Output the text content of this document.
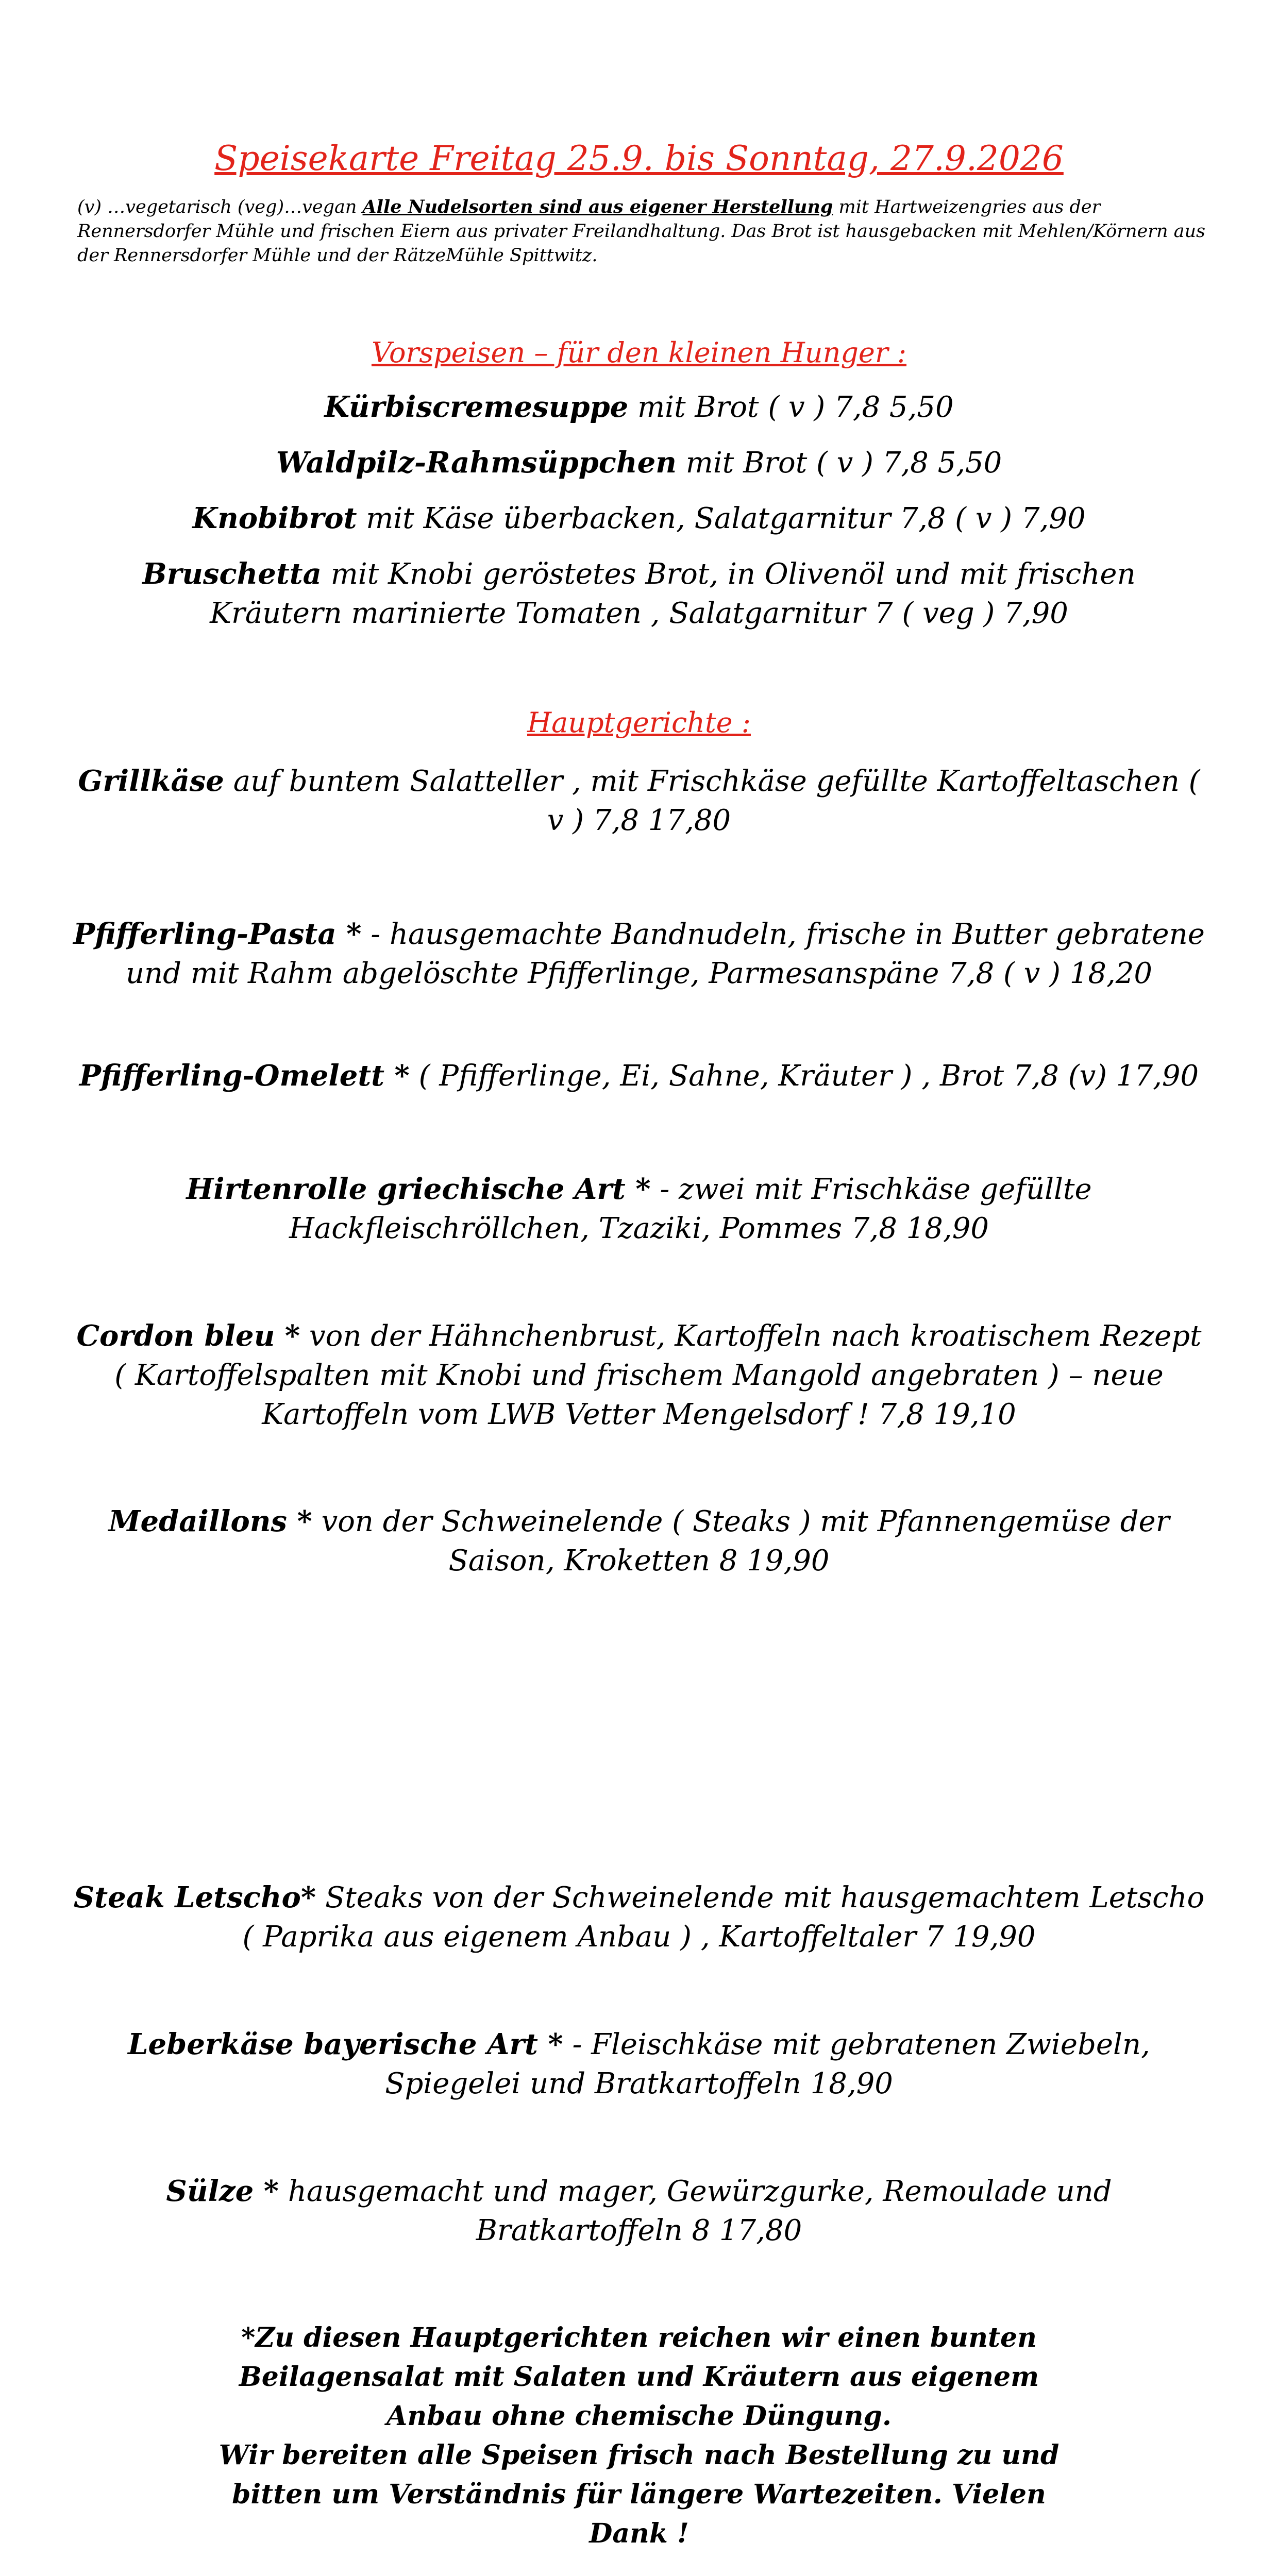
Speisekarte Freitag 25.9. bis Sonntag, 27.9.2026
(v) …vegetarisch (veg)…vegan Alle Nudelsorten sind aus eigener Herstellung mit Hartweizengries aus der Rennersdorfer Mühle und frischen Eiern aus privater Freilandhaltung. Das Brot ist hausgebacken mit Mehlen/Körnern aus der Rennersdorfer Mühle und der RätzeMühle Spittwitz.
Vorspeisen – für den kleinen Hunger :
Kürbiscremesuppe mit Brot ( v ) 7,8 5,50
Waldpilz-Rahmsüppchen mit Brot ( v ) 7,8 5,50
Knobibrot mit Käse überbacken, Salatgarnitur 7,8 ( v ) 7,90
Bruschetta mit Knobi geröstetes Brot, in Olivenöl und mit frischen Kräutern marinierte Tomaten , Salatgarnitur 7 ( veg ) 7,90
Hauptgerichte :
Grillkäse auf buntem Salatteller , mit Frischkäse gefüllte Kartoffeltaschen ( v ) 7,8 17,80
Pfifferling-Pasta * - hausgemachte Bandnudeln, frische in Butter gebratene und mit Rahm abgelöschte Pfifferlinge, Parmesanspäne 7,8 ( v ) 18,20
Pfifferling-Omelett * ( Pfifferlinge, Ei, Sahne, Kräuter ) , Brot 7,8 (v) 17,90
Hirtenrolle griechische Art * - zwei mit Frischkäse gefüllte Hackfleischröllchen, Tzaziki, Pommes 7,8 18,90
Cordon bleu * von der Hähnchenbrust, Kartoffeln nach kroatischem Rezept ( Kartoffelspalten mit Knobi und frischem Mangold angebraten ) – neue Kartoffeln vom LWB Vetter Mengelsdorf ! 7,8 19,10
Medaillons * von der Schweinelende ( Steaks ) mit Pfannengemüse der Saison, Kroketten 8 19,90
Steak Letscho* Steaks von der Schweinelende mit hausgemachtem Letscho ( Paprika aus eigenem Anbau ) , Kartoffeltaler 7 19,90
Leberkäse bayerische Art * - Fleischkäse mit gebratenen Zwiebeln, Spiegelei und Bratkartoffeln 18,90
Sülze * hausgemacht und mager, Gewürzgurke, Remoulade und Bratkartoffeln 8 17,80
*Zu diesen Hauptgerichten reichen wir einen bunten Beilagensalat mit Salaten und Kräutern aus eigenem Anbau ohne chemische Düngung.
Wir bereiten alle Speisen frisch nach Bestellung zu und bitten um Verständnis für längere Wartezeiten. Vielen Dank !
